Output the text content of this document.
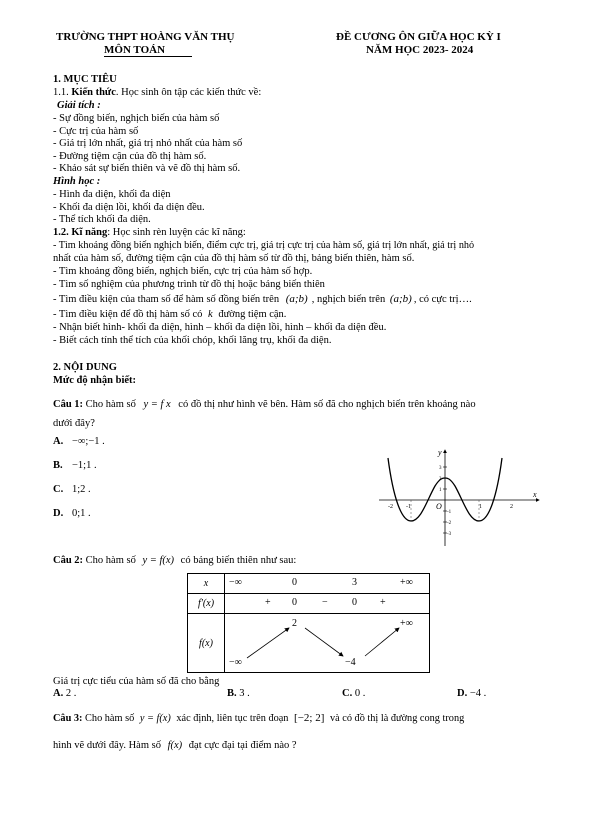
TRƯỜNG THPT HOÀNG VĂN THỤ
MÔN TOÁN
ĐỀ CƯƠNG ÔN GIỮA HỌC KỲ I
NĂM HỌC 2023- 2024
1. MỤC TIÊU
1.1. Kiến thức. Học sinh ôn tập các kiến thức về:
Giải tích :
- Sự đồng biến, nghịch biến của hàm số
- Cực trị của hàm số
- Giá trị lớn nhất, giá trị nhỏ nhất của hàm số
- Đường tiệm cận của đồ thị hàm số.
- Khảo sát sự biến thiên và vẽ đồ thị hàm số.
Hình học :
- Hình đa diện, khối đa diện
- Khối đa diện lồi, khối đa diện đều.
- Thể tích khối đa diện.
1.2. Kĩ năng: Học sinh rèn luyện các kĩ năng:
- Tìm khoảng đồng biến nghịch biến, điểm cực trị, giá trị cực trị của hàm số, giá trị lớn nhất, giá trị nhỏ
nhất của hàm số, đường tiệm cận của đồ thị hàm số từ đồ thị, bảng biến thiên, hàm số.
- Tìm khoảng đồng biến, nghịch biến, cực trị của hàm số hợp.
- Tìm số nghiệm của phương trình từ đồ thị hoặc bảng biến thiên
- Tìm điều kiện của tham số để hàm số đồng biến trên (a;b) , nghịch biến trên (a;b) , có cực trị….
- Tìm điều kiện để đồ thị hàm số có k đường tiệm cận.
- Nhận biết hình- khối đa diện, hình – khối đa diện lồi, hình – khối đa diện đều.
- Biết cách tính thể tích của khối chóp, khối lăng trụ, khối đa diện.
2. NỘI DUNG
Mức độ nhận biết:
Câu 1: Cho hàm số y = f x có đồ thị như hình vẽ bên. Hàm số đã cho nghịch biến trên khoảng nào
dưới đây?
A. −∞;−1 .
B. −1;1 .
C. 1;2 .
D. 0;1 .
x
y
O
-2 -1	1	2
3
2
1
-1
-2
-3
Câu 2: Cho hàm số y = f(x) có bảng biến thiên như sau:
x	−∞ 0 3 +∞

f′(x)	+ 0 − 0 +

f(x)	2 +∞
−∞ −4
Giá trị cực tiểu của hàm số đã cho bằng
A. 2 .	B. 3 .	C. 0 .	D. −4 .
Câu 3: Cho hàm số y = f(x) xác định, liên tục trên đoạn [−2; 2] và có đồ thị là đường cong trong
hình vẽ dưới đây. Hàm số f(x) đạt cực đại tại điểm nào ?
